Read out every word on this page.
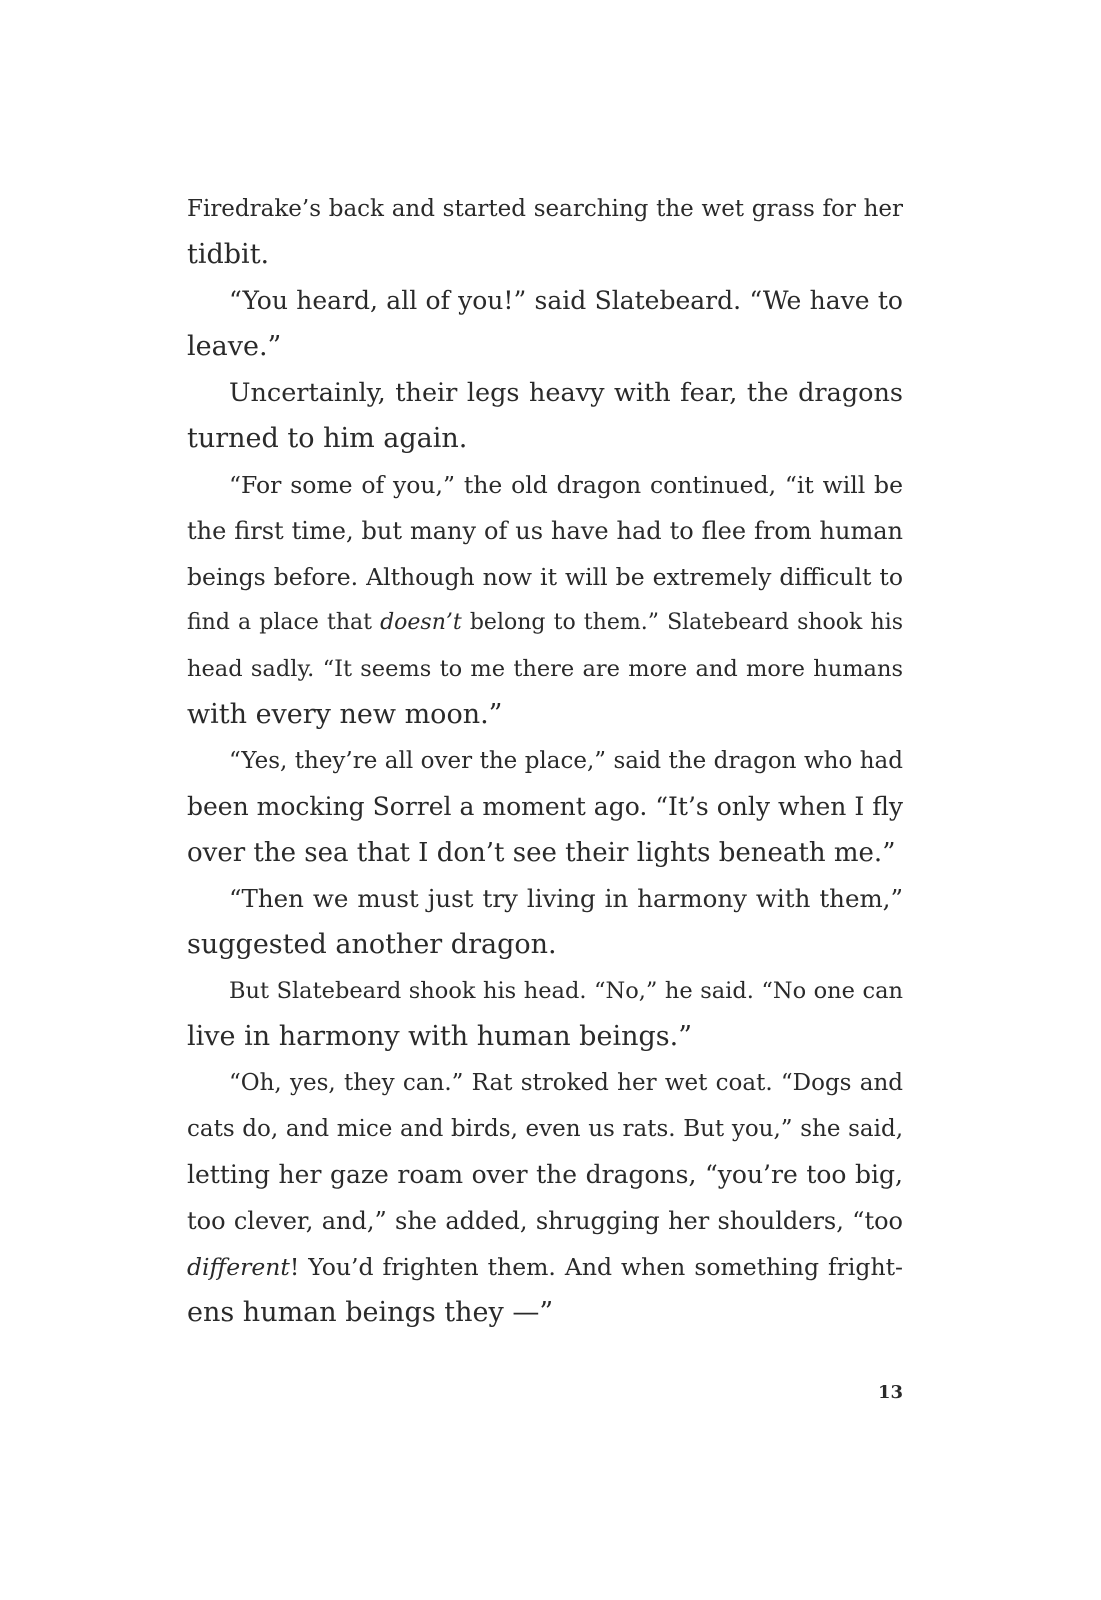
Firedrake’s back and started searching the wet grass for her
tidbit.
“You heard, all of you!” said Slatebeard. “We have to
leave.”
Uncertainly, their legs heavy with fear, the dragons
turned to him again.
“For some of you,” the old dragon continued, “it will be
the first time, but many of us have had to flee from human
beings before. Although now it will be extremely difficult to
find a place that doesn’t belong to them.” Slatebeard shook his
head sadly. “It seems to me there are more and more humans
with every new moon.”
“Yes, they’re all over the place,” said the dragon who had
been mocking Sorrel a moment ago. “It’s only when I fly
over the sea that I don’t see their lights beneath me.”
“Then we must just try living in harmony with them,”
suggested another dragon.
But Slatebeard shook his head. “No,” he said. “No one can
live in harmony with human beings.”
“Oh, yes, they can.” Rat stroked her wet coat. “Dogs and
cats do, and mice and birds, even us rats. But you,” she said,
letting her gaze roam over the dragons, “you’re too big,
too clever, and,” she added, shrugging her shoulders, “too
different! You’d frighten them. And when something fright-
ens human beings they —”
13
